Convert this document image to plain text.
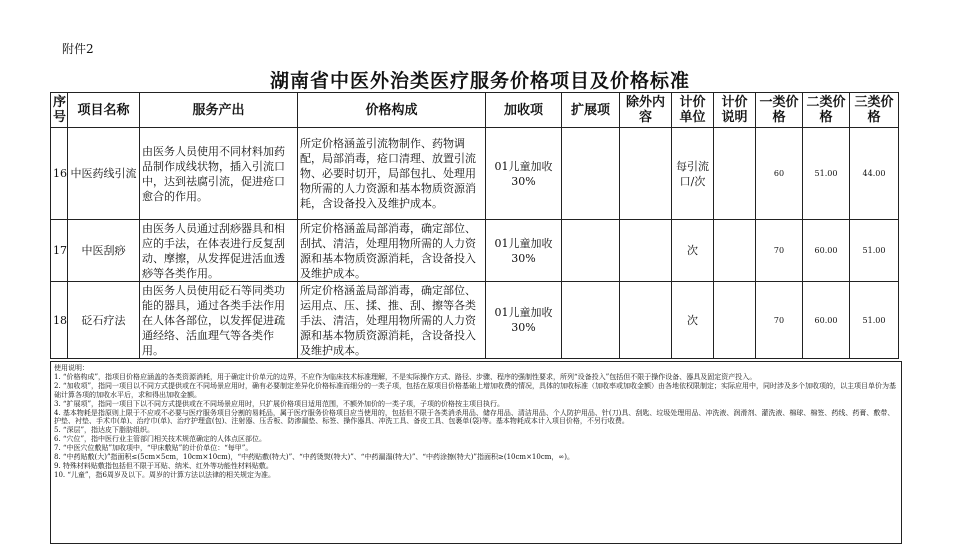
附件2
湖南省中医外治类医疗服务价格项目及价格标准
序号	项目名称	服务产出	价格构成	加收项	扩展项	除外内容	计价单位	计价说明	一类价格	二类价格	三类价格
16	中医药线引流	由医务人员使用不同材料加药品制作成线状物，插入引流口中，达到祛腐引流，促进疮口愈合的作用。	所定价格涵盖引流物制作、药物调配，局部消毒，疮口清理、放置引流物、必要时切开，局部包扎、处理用物所需的人力资源和基本物质资源消耗，含设备投入及维护成本。	01儿童加收30%			每引流口/次		60	51.00	44.00
17	中医刮痧	由医务人员通过刮痧器具和相应的手法，在体表进行反复刮动、摩擦，从发挥促进活血透痧等各类作用。	所定价格涵盖局部消毒，确定部位、刮拭、清洁，处理用物所需的人力资源和基本物质资源消耗，含设备投入及维护成本。	01儿童加收30%			次		70	60.00	51.00
18	砭石疗法	由医务人员使用砭石等同类功能的器具，通过各类手法作用在人体各部位，以发挥促进疏通经络、活血理气等各类作用。	所定价格涵盖局部消毒，确定部位、运用点、压、揉、推、刮、擦等各类手法、清洁，处理用物所需的人力资源和基本物质资源消耗，含设备投入及维护成本。	01儿童加收30%			次		70	60.00	51.00
使用说明：
1. “价格构成”，指项目价格应涵盖的各类资源消耗，用于确定计价单元的边界，不应作为临床技术标准理解，不是实际操作方式、路径、步骤、程序的强制性要求，所列“设备投入”包括但不限于操作设备、器具及固定资产投入。
2. “加收项”，指同一项目以不同方式提供或在不同场景应用时，确有必要制定差异化价格标准而细分的一类子项，包括在原项目价格基础上增加收费的情况，具体的加收标准（加收率或加收金额）由各地依权限制定；实际应用中，同时涉及多个加收项的，以主项目单价为基础计算各项的加收水平后，求和得出加收金额。
3. “扩展项”，指同一项目下以不同方式提供或在不同场景应用时，只扩展价格项目适用范围，不额外加价的一类子项，子项的价格按主项目执行。
4. 基本物耗是指原则上限于不应或不必要与医疗服务项目分割的易耗品，属于医疗服务价格项目应当使用的，包括但不限于各类消杀用品、储存用品、清洁用品、个人防护用品、针(刀)具、刮匙、垃圾处理用品、冲洗液、润滑剂、灌洗液、棉球、棉签、药线、药膏、敷带、护垫、衬垫、手术巾(单)、治疗巾(单)、治疗护理盒(包)、注射器、压舌板、防渗漏垫、标签、操作器具、冲洗工具、备皮工具、包裹单(袋)等。基本物耗成本计入项目价格，不另行收费。
5. “深层”，指达皮下脂肪组织。
6. “穴位”，指中医行业主管部门相关技术规范确定的人体点区部位。
7. “中医穴位敷贴”加收项中，“甲床敷贴”的计价单位：“每甲”。
8. “中药贴敷(大)”指面积≤(5cm×5cm，10cm×10cm)，“中药贴敷(特大)”、“中药烫熨(特大)”、“中药漏溻(特大)”、“中药涂擦(特大)”指面积≥(10cm×10cm，∞)。
9. 特殊材料贴敷指包括但不限于耳贴、纳米、红外等功能性材料贴敷。
10. “儿童”，指6周岁及以下。周岁的计算方法以法律的相关规定为准。
